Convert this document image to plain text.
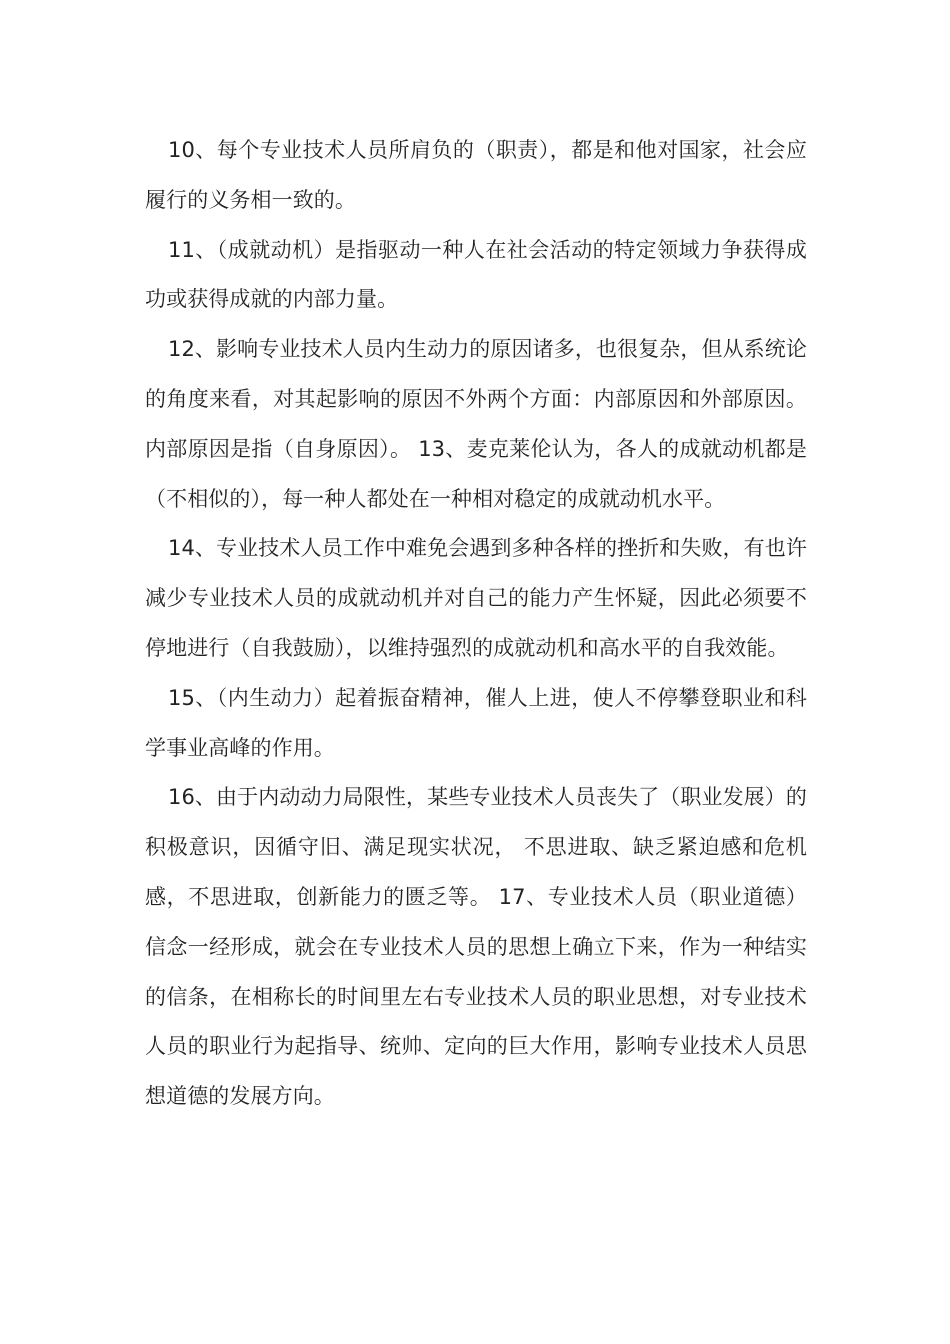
10、每个专业技术人员所肩负的（职责），都是和他对国家，社会应履行的义务相一致的。

11、（成就动机）是指驱动一种人在社会活动的特定领域力争获得成功或获得成就的内部力量。

12、影响专业技术人员内生动力的原因诸多，也很复杂，但从系统论的角度来看，对其起影响的原因不外两个方面：内部原因和外部原因。内部原因是指（自身原因）。 13、麦克莱伦认为，各人的成就动机都是（不相似的），每一种人都处在一种相对稳定的成就动机水平。

14、专业技术人员工作中难免会遇到多种各样的挫折和失败，有也许减少专业技术人员的成就动机并对自己的能力产生怀疑，因此必须要不停地进行（自我鼓励），以维持强烈的成就动机和高水平的自我效能。

15、（内生动力）起着振奋精神，催人上进，使人不停攀登职业和科学事业高峰的作用。

16、由于内动动力局限性，某些专业技术人员丧失了（职业发展）的积极意识，因循守旧、满足现实状况， 不思进取、缺乏紧迫感和危机感，不思进取，创新能力的匮乏等。 17、专业技术人员（职业道德）信念一经形成，就会在专业技术人员的思想上确立下来，作为一种结实的信条，在相称长的时间里左右专业技术人员的职业思想，对专业技术人员的职业行为起指导、统帅、定向的巨大作用，影响专业技术人员思想道德的发展方向。
